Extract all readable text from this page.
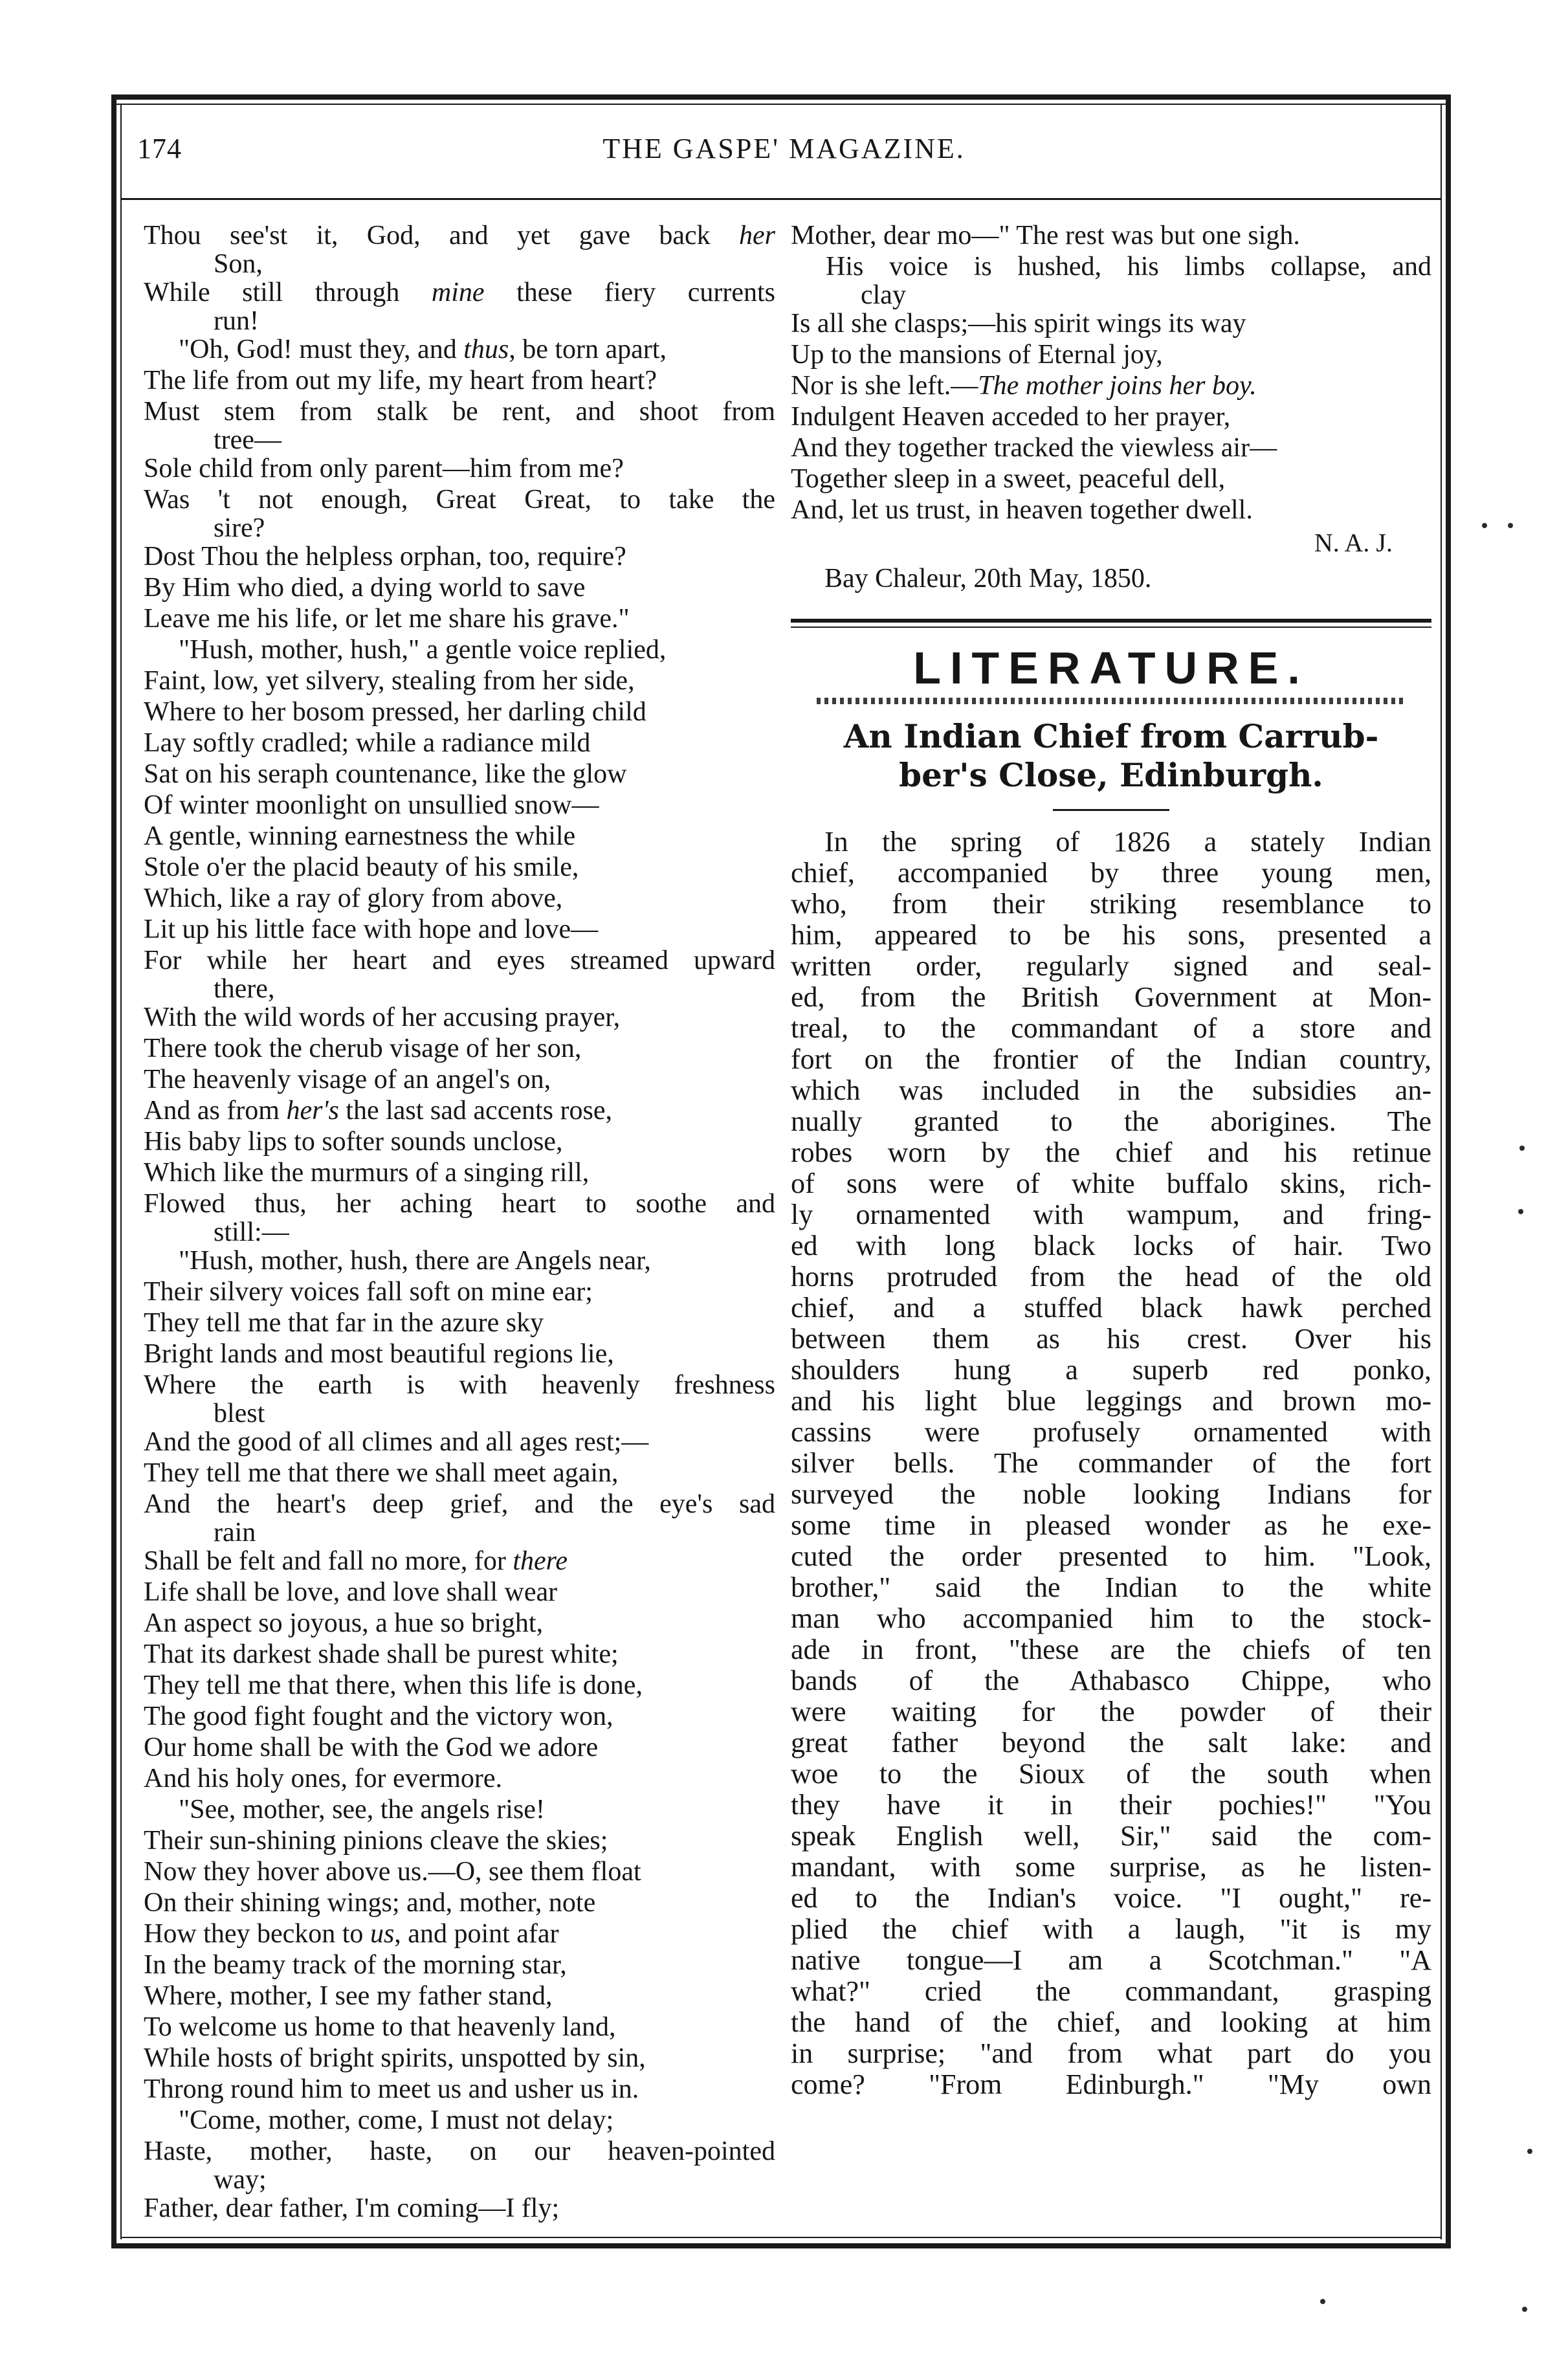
174	THE GASPE' MAGAZINE.

Thou see'st it, God, and yet gave back her

Son,

While still through mine these fiery currents

run!

"Oh, God! must they, and thus, be torn apart,

The life from out my life, my heart from heart?

Must stem from stalk be rent, and shoot from

tree—

Sole child from only parent—him from me?

Was 't not enough, Great Great, to take the

sire?

Dost Thou the helpless orphan, too, require?

By Him who died, a dying world to save

Leave me his life, or let me share his grave."

"Hush, mother, hush," a gentle voice replied,

Faint, low, yet silvery, stealing from her side,

Where to her bosom pressed, her darling child

Lay softly cradled; while a radiance mild

Sat on his seraph countenance, like the glow

Of winter moonlight on unsullied snow—

A gentle, winning earnestness the while

Stole o'er the placid beauty of his smile,

Which, like a ray of glory from above,

Lit up his little face with hope and love—

For while her heart and eyes streamed upward

there,

With the wild words of her accusing prayer,

There took the cherub visage of her son,

The heavenly visage of an angel's on,

And as from her's the last sad accents rose,

His baby lips to softer sounds unclose,

Which like the murmurs of a singing rill,

Flowed thus, her aching heart to soothe and

still:—

"Hush, mother, hush, there are Angels near,

Their silvery voices fall soft on mine ear;

They tell me that far in the azure sky

Bright lands and most beautiful regions lie,

Where the earth is with heavenly freshness

blest

And the good of all climes and all ages rest;—

They tell me that there we shall meet again,

And the heart's deep grief, and the eye's sad

rain

Shall be felt and fall no more, for there

Life shall be love, and love shall wear

An aspect so joyous, a hue so bright,

That its darkest shade shall be purest white;

They tell me that there, when this life is done,

The good fight fought and the victory won,

Our home shall be with the God we adore

And his holy ones, for evermore.

"See, mother, see, the angels rise!

Their sun-shining pinions cleave the skies;

Now they hover above us.—O, see them float

On their shining wings; and, mother, note

How they beckon to us, and point afar

In the beamy track of the morning star,

Where, mother, I see my father stand,

To welcome us home to that heavenly land,

While hosts of bright spirits, unspotted by sin,

Throng round him to meet us and usher us in.

"Come, mother, come, I must not delay;

Haste, mother, haste, on our heaven-pointed

way;

Father, dear father, I'm coming—I fly;

Mother, dear mo—" The rest was but one sigh.

His voice is hushed, his limbs collapse, and

clay

Is all she clasps;—his spirit wings its way

Up to the mansions of Eternal joy,

Nor is she left.—The mother joins her boy.

Indulgent Heaven acceded to her prayer,

And they together tracked the viewless air—

Together sleep in a sweet, peaceful dell,

And, let us trust, in heaven together dwell.

N. A. J.

Bay Chaleur, 20th May, 1850.

LITERATURE.
An Indian Chief from Carrub-
ber's Close, Edinburgh.

In the spring of 1826 a stately Indian

chief, accompanied by three young men,

who, from their striking resemblance to

him, appeared to be his sons, presented a

written order, regularly signed and seal-

ed, from the British Government at Mon-

treal, to the commandant of a store and

fort on the frontier of the Indian country,

which was included in the subsidies an-

nually granted to the aborigines. The

robes worn by the chief and his retinue

of sons were of white buffalo skins, rich-

ly ornamented with wampum, and fring-

ed with long black locks of hair. Two

horns protruded from the head of the old

chief, and a stuffed black hawk perched

between them as his crest. Over his

shoulders hung a superb red ponko,

and his light blue leggings and brown mo-

cassins were profusely ornamented with

silver bells. The commander of the fort

surveyed the noble looking Indians for

some time in pleased wonder as he exe-

cuted the order presented to him. "Look,

brother," said the Indian to the white

man who accompanied him to the stock-

ade in front, "these are the chiefs of ten

bands of the Athabasco Chippe, who

were waiting for the powder of their

great father beyond the salt lake: and

woe to the Sioux of the south when

they have it in their pochies!" "You

speak English well, Sir," said the com-

mandant, with some surprise, as he listen-

ed to the Indian's voice. "I ought," re-

plied the chief with a laugh, "it is my

native tongue—I am a Scotchman." "A

what?" cried the commandant, grasping

the hand of the chief, and looking at him

in surprise; "and from what part do you

come? "From Edinburgh." "My own
